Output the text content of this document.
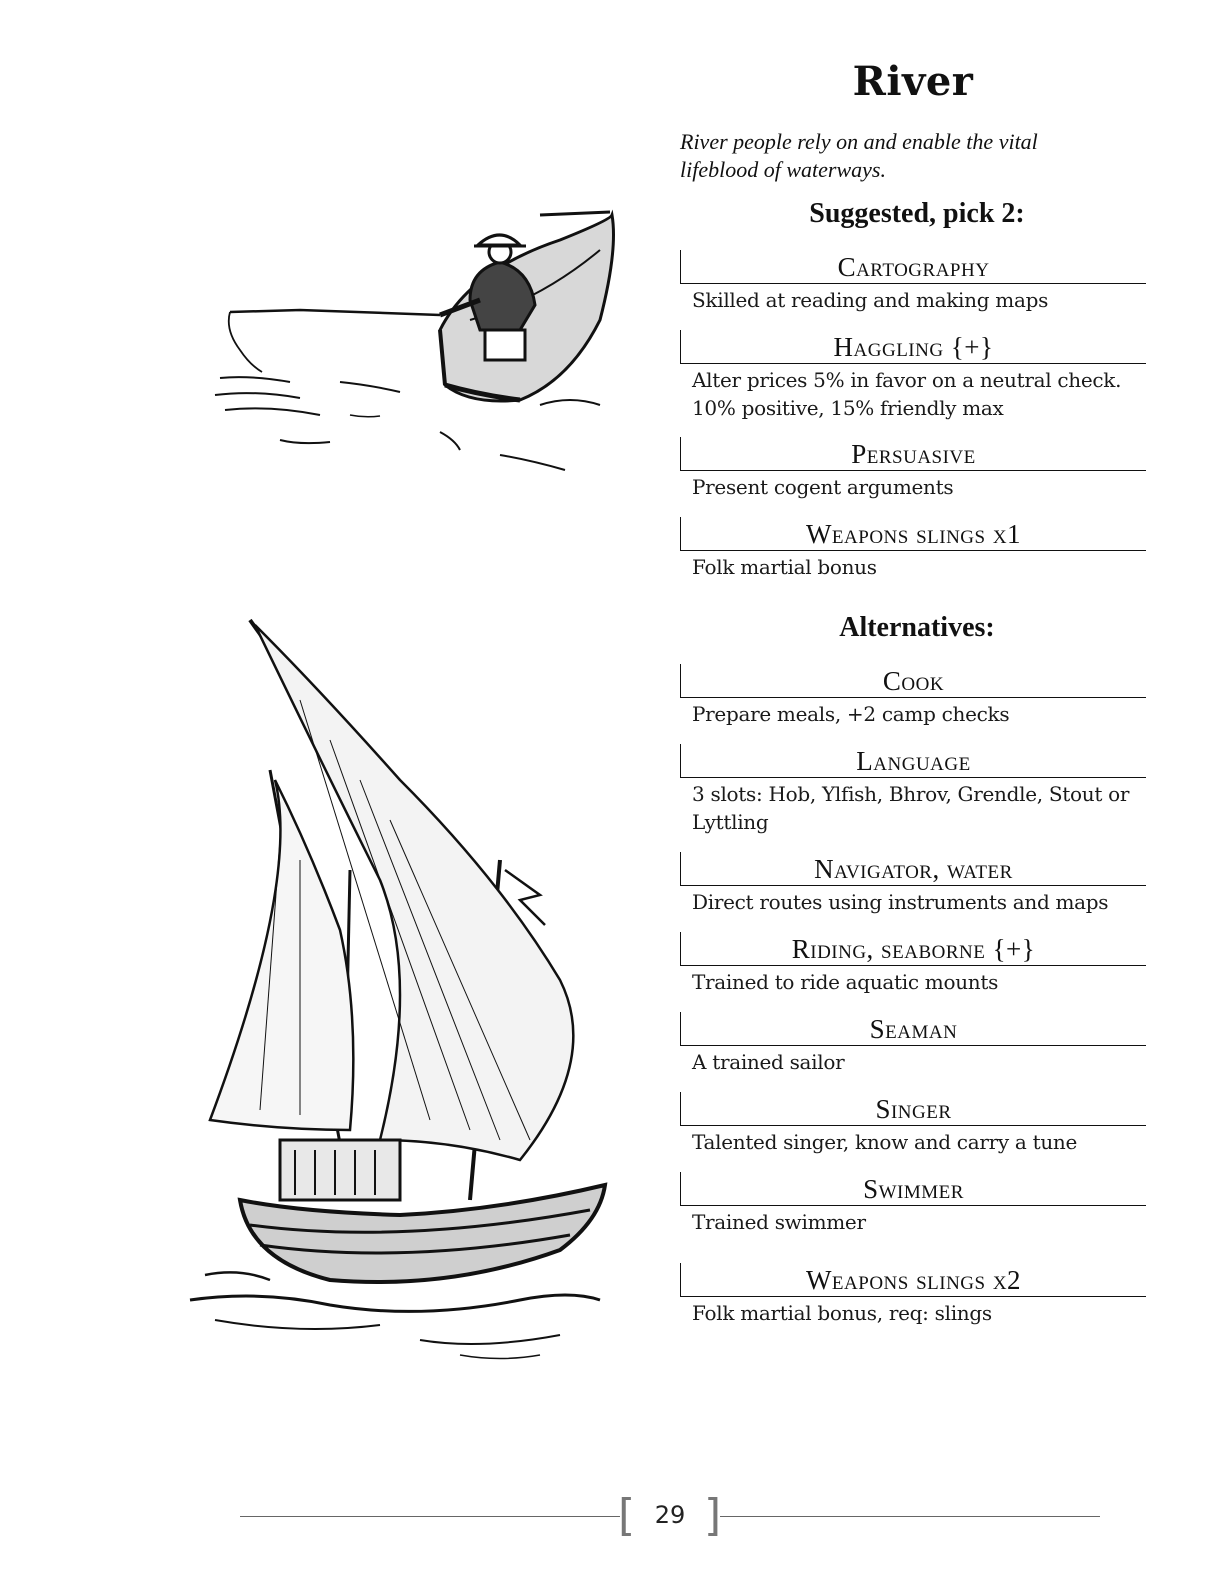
River
River people rely on and enable the vital lifeblood of waterways.
Suggested, pick 2:
Cartography
Skilled at reading and making maps
Haggling {+}
Alter prices 5% in favor on a neutral check. 10% positive, 15% friendly max
Persuasive
Present cogent arguments
Weapons slings x1
Folk martial bonus
Alternatives:
Cook
Prepare meals, +2 camp checks
Language
3 slots: Hob, Ylfish, Bhrov, Grendle, Stout or Lyttling
Navigator, water
Direct routes using instruments and maps
Riding, seaborne {+}
Trained to ride aquatic mounts
Seaman
A trained sailor
Singer
Talented singer, know and carry a tune
Swimmer
Trained swimmer
Weapons slings x2
Folk martial bonus, req: slings
[ ]
29
